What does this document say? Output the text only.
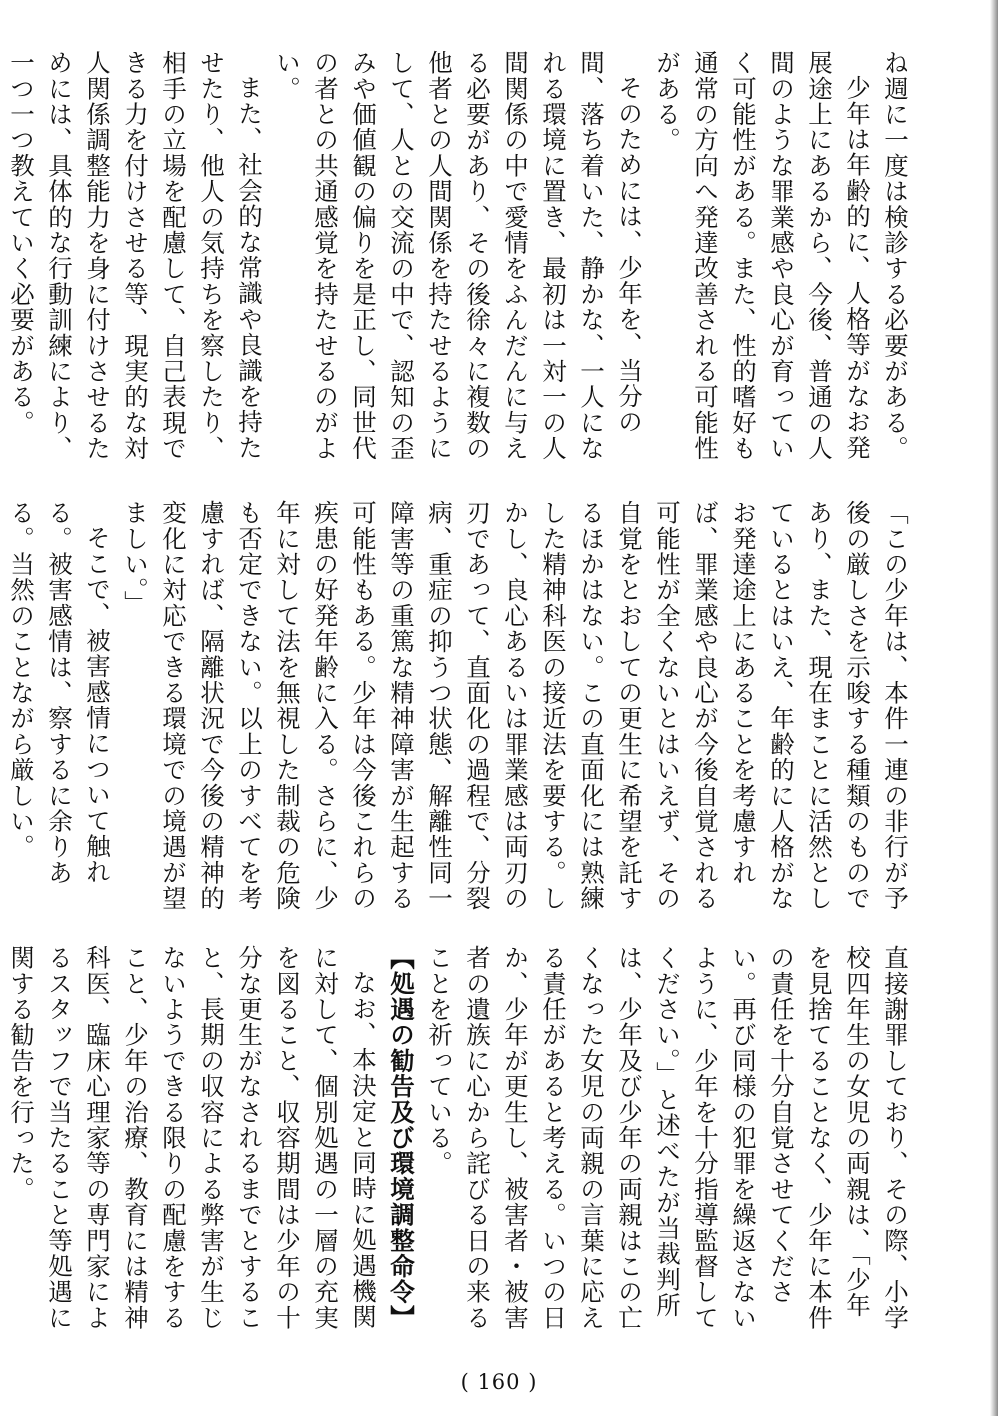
ね週に一度は検診する必要がある。
少年は年齢的に、人格等がなお発展途上にあるから、今後、普通の人間のような罪業感や良心が育っていく可能性がある。また、性的嗜好も通常の方向へ発達改善される可能性がある。
そのためには、少年を、当分の間、落ち着いた、静かな、一人になれる環境に置き、最初は一対一の人間関係の中で愛情をふんだんに与える必要があり、その後徐々に複数の他者との人間関係を持たせるようにして、人との交流の中で、認知の歪みや価値観の偏りを是正し、同世代の者との共通感覚を持たせるのがよい。
また、社会的な常識や良識を持たせたり、他人の気持ちを察したり、相手の立場を配慮して、自己表現できる力を付けさせる等、現実的な対人関係調整能力を身に付けさせるためには、具体的な行動訓練により、一つ一つ教えていく必要がある。
「この少年は、本件一連の非行が予後の厳しさを示唆する種類のものであり、また、現在まことに活然としているとはいえ、年齢的に人格がなお発達途上にあることを考慮すれば、罪業感や良心が今後自覚される可能性が全くないとはいえず、その自覚をとおしての更生に希望を託するほかはない。この直面化には熟練した精神科医の接近法を要する。しかし、良心あるいは罪業感は両刃の刃であって、直面化の過程で、分裂病、重症の抑うつ状態、解離性同一障害等の重篤な精神障害が生起する可能性もある。少年は今後これらの疾患の好発年齢に入る。さらに、少年に対して法を無視した制裁の危険も否定できない。以上のすべてを考慮すれば、隔離状況で今後の精神的変化に対応できる環境での境遇が望ましい。」
そこで、被害感情について触れる。被害感情は、察するに余りある。当然のことながら厳しい。
直接謝罪しており、その際、小学校四年生の女児の両親は、「少年を見捨てることなく、少年に本件の責任を十分自覚させてください。再び同様の犯罪を繰返さないように、少年を十分指導監督してください。」と述べたが当裁判所は、少年及び少年の両親はこの亡くなった女児の両親の言葉に応える責任があると考える。いつの日か、少年が更生し、被害者・被害者の遺族に心から詫びる日の来ることを祈っている。
【処遇の勧告及び環境調整命令】
なお、本決定と同時に処遇機関に対して、個別処遇の一層の充実を図ること、収容期間は少年の十分な更生がなされるまでとすること、長期の収容による弊害が生じないようできる限りの配慮をすること、少年の治療、教育には精神科医、臨床心理家等の専門家によるスタッフで当たること等処遇に関する勧告を行った。
( 160 )
